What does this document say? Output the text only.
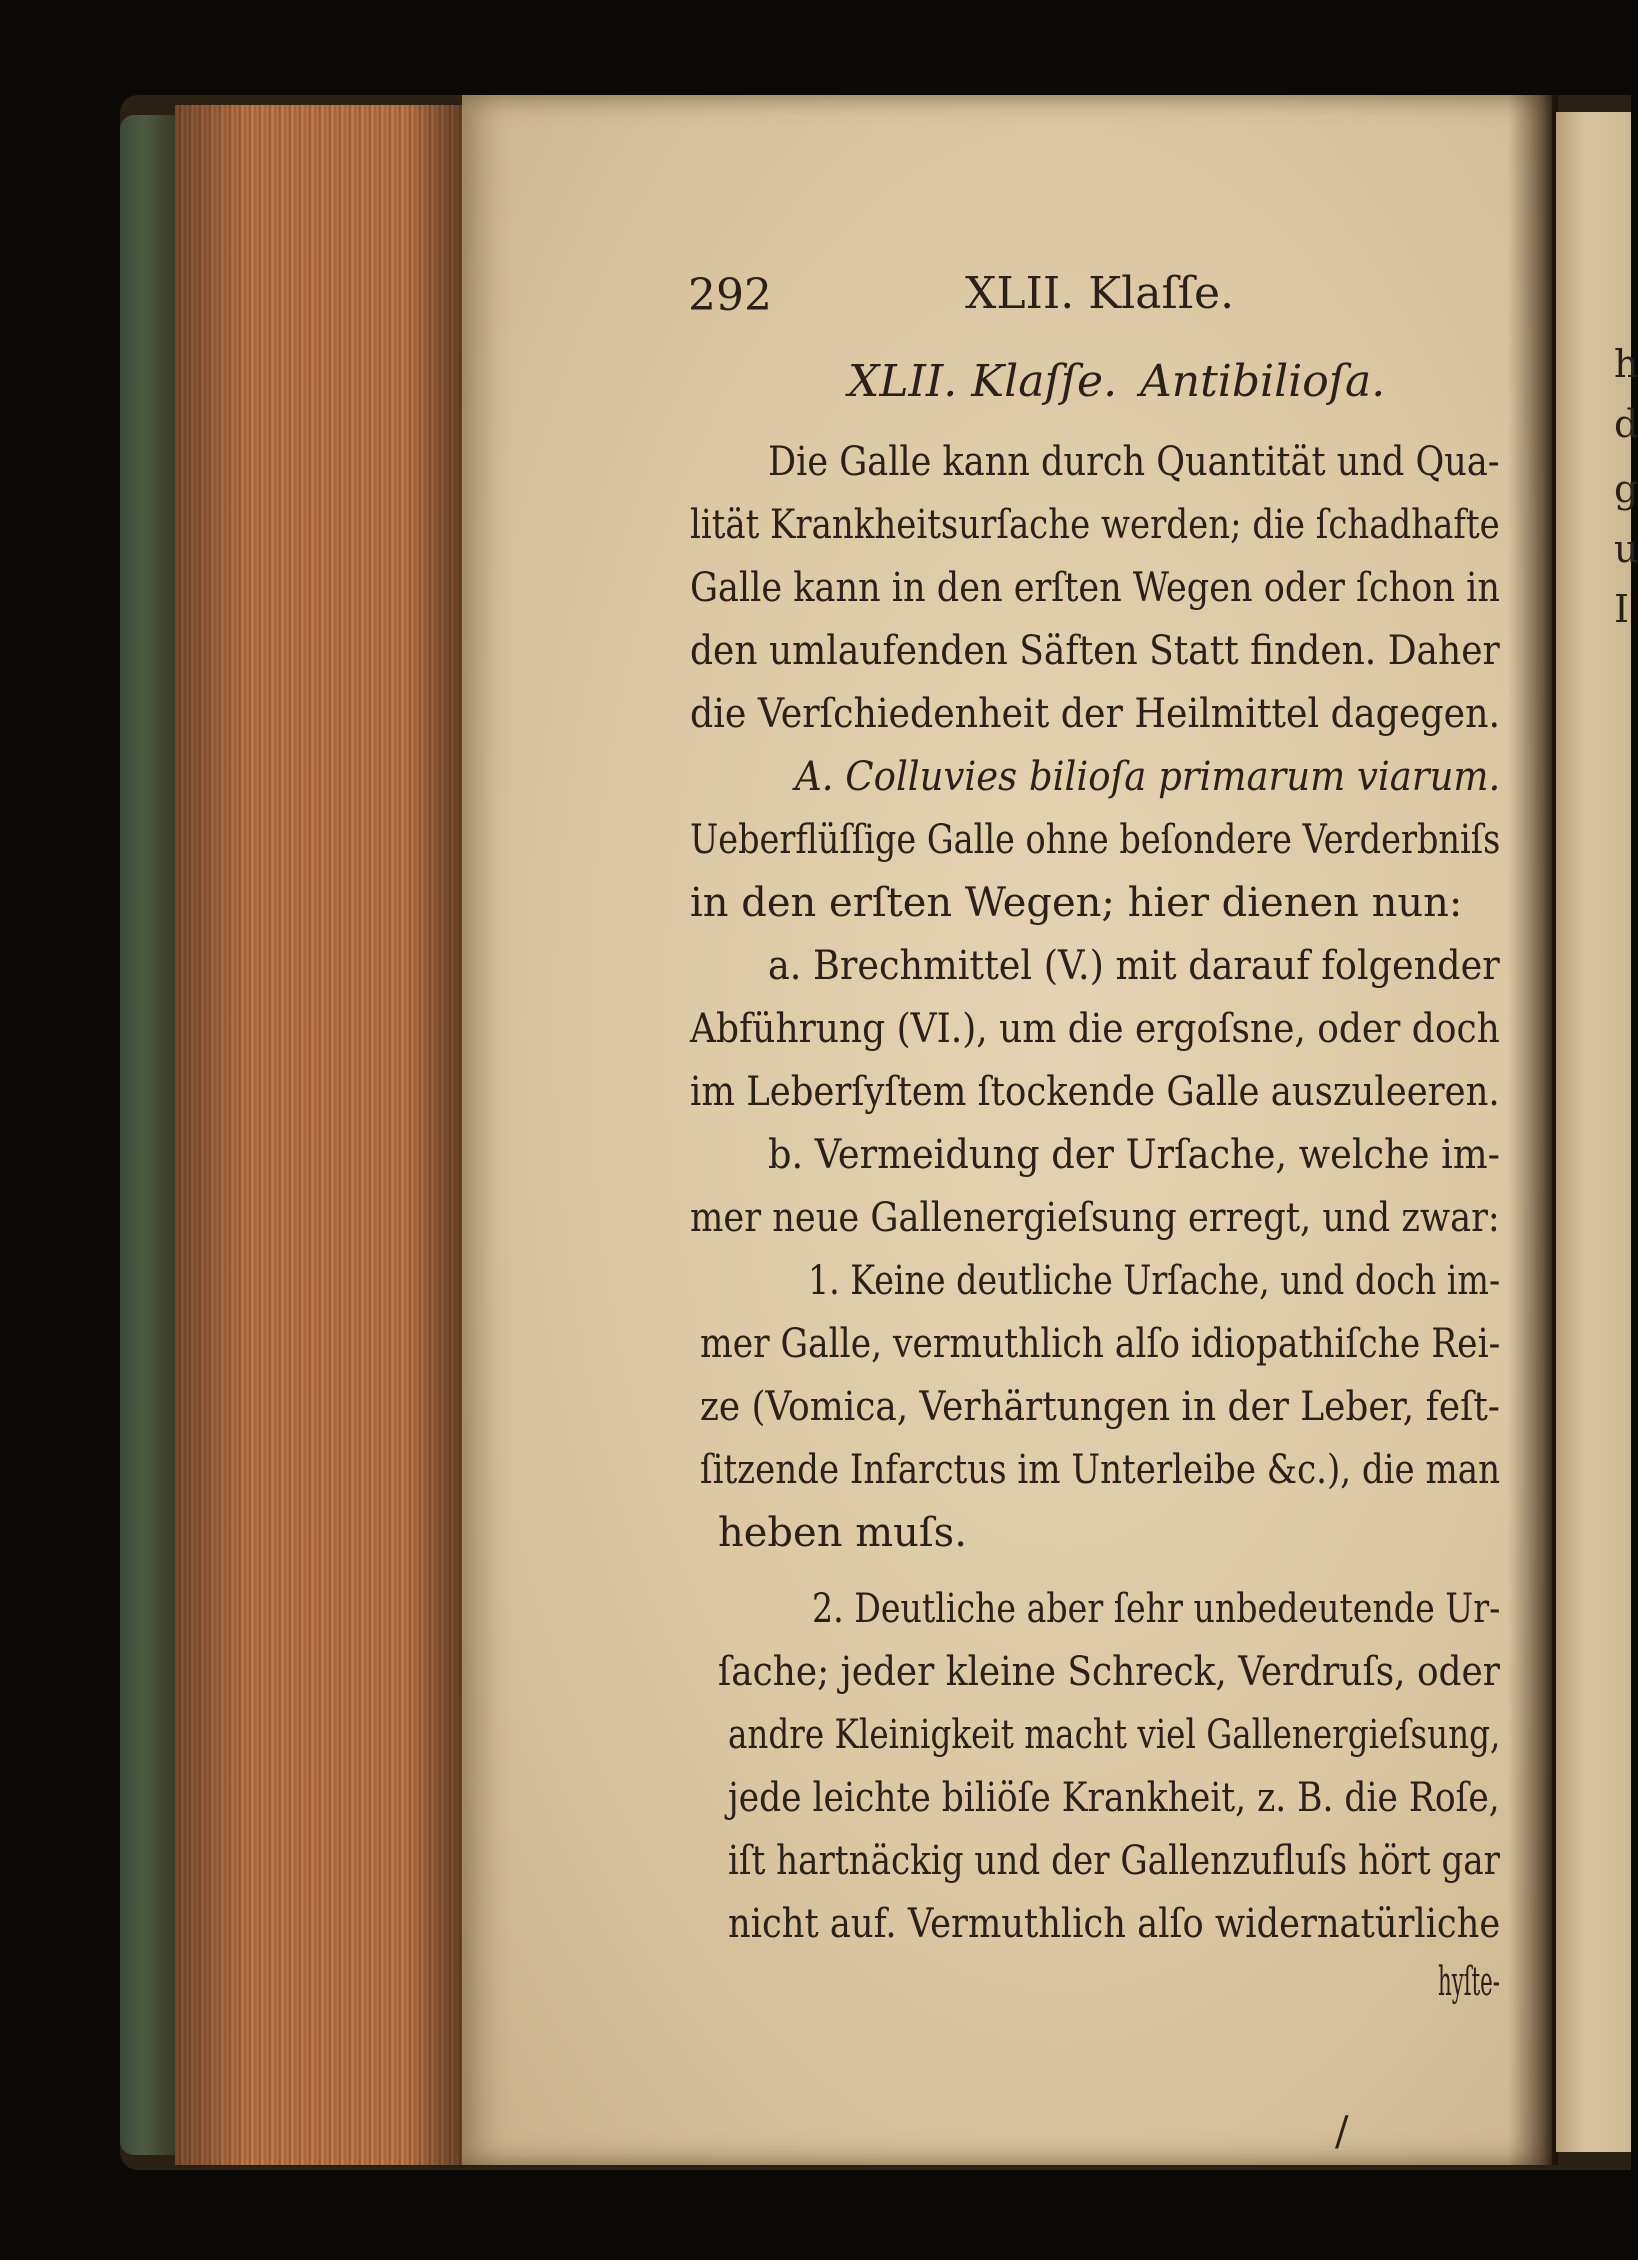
h
d
g
u
I
292	XLII. Klaſſe.
XLII. Klaſſe. Antibilioſa.
Die Galle kann durch Quantität und Qua-
lität Krankheitsurſache werden; die ſchadhafte
Galle kann in den erſten Wegen oder ſchon in
den umlaufenden Säften Statt finden. Daher
die Verſchiedenheit der Heilmittel dagegen.
A. Colluvies bilioſa primarum viarum.
Ueberflüſſige Galle ohne beſondere Verderbniſs
in den erſten Wegen; hier dienen nun:
a. Brechmittel (V.) mit darauf folgender
Abführung (VI.), um die ergoſsne, oder doch
im Leberſyſtem ſtockende Galle auszuleeren.
b. Vermeidung der Urſache, welche im-
mer neue Gallenergieſsung erregt, und zwar:
1. Keine deutliche Urſache, und doch im-
mer Galle, vermuthlich alſo idiopathiſche Rei-
ze (Vomica, Verhärtungen in der Leber, feſt-
ſitzende Infarctus im Unterleibe &c.), die man
heben muſs.
2. Deutliche aber ſehr unbedeutende Ur-
ſache; jeder kleine Schreck, Verdruſs, oder
andre Kleinigkeit macht viel Gallenergieſsung,
jede leichte biliöſe Krankheit, z. B. die Roſe,
iſt hartnäckig und der Gallenzufluſs hört gar
nicht auf. Vermuthlich alſo widernatürliche
hyſte-
/
